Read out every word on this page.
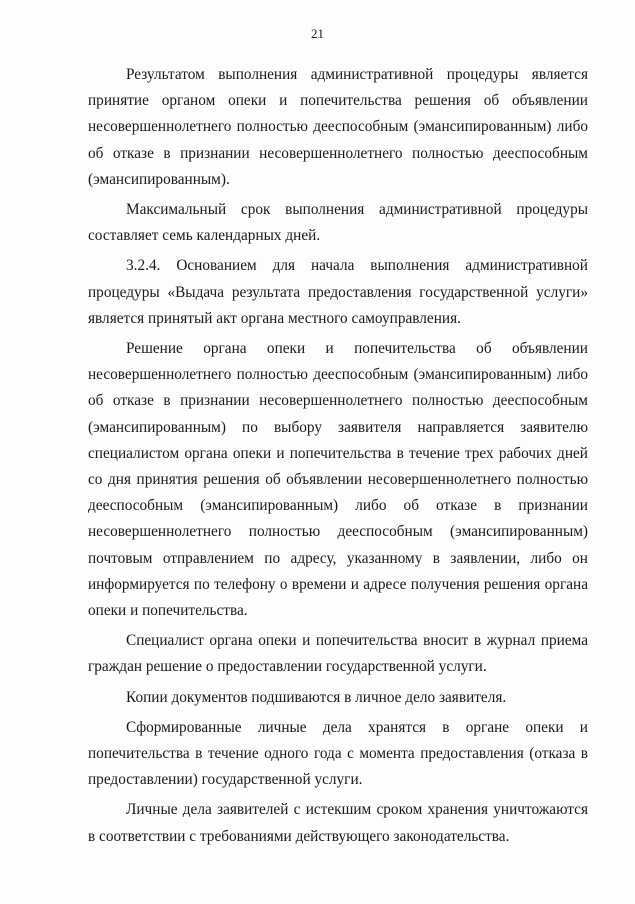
21

Результатом выполнения административной процедуры является принятие органом опеки и попечительства решения об объявлении несовершеннолетнего полностью дееспособным (эмансипированным) либо об отказе в признании несовершеннолетнего полностью дееспособным (эмансипированным).

Максимальный срок выполнения административной процедуры составляет семь календарных дней.

3.2.4. Основанием для начала выполнения административной процедуры «Выдача результата предоставления государственной услуги» является принятый акт органа местного самоуправления.

Решение органа опеки и попечительства об объявлении несовершеннолетнего полностью дееспособным (эмансипированным) либо об отказе в признании несовершеннолетнего полностью дееспособным (эмансипированным) по выбору заявителя направляется заявителю специалистом органа опеки и попечительства в течение трех рабочих дней со дня принятия решения об объявлении несовершеннолетнего полностью дееспособным (эмансипированным) либо об отказе в признании несовершеннолетнего полностью дееспособным (эмансипированным) почтовым отправлением по адресу, указанному в заявлении, либо он информируется по телефону о времени и адресе получения решения органа опеки и попечительства.

Специалист органа опеки и попечительства вносит в журнал приема граждан решение о предоставлении государственной услуги.

Копии документов подшиваются в личное дело заявителя.

Сформированные личные дела хранятся в органе опеки и попечительства в течение одного года с момента предоставления (отказа в предоставлении) государственной услуги.

Личные дела заявителей с истекшим сроком хранения уничтожаются в соответствии с требованиями действующего законодательства.
